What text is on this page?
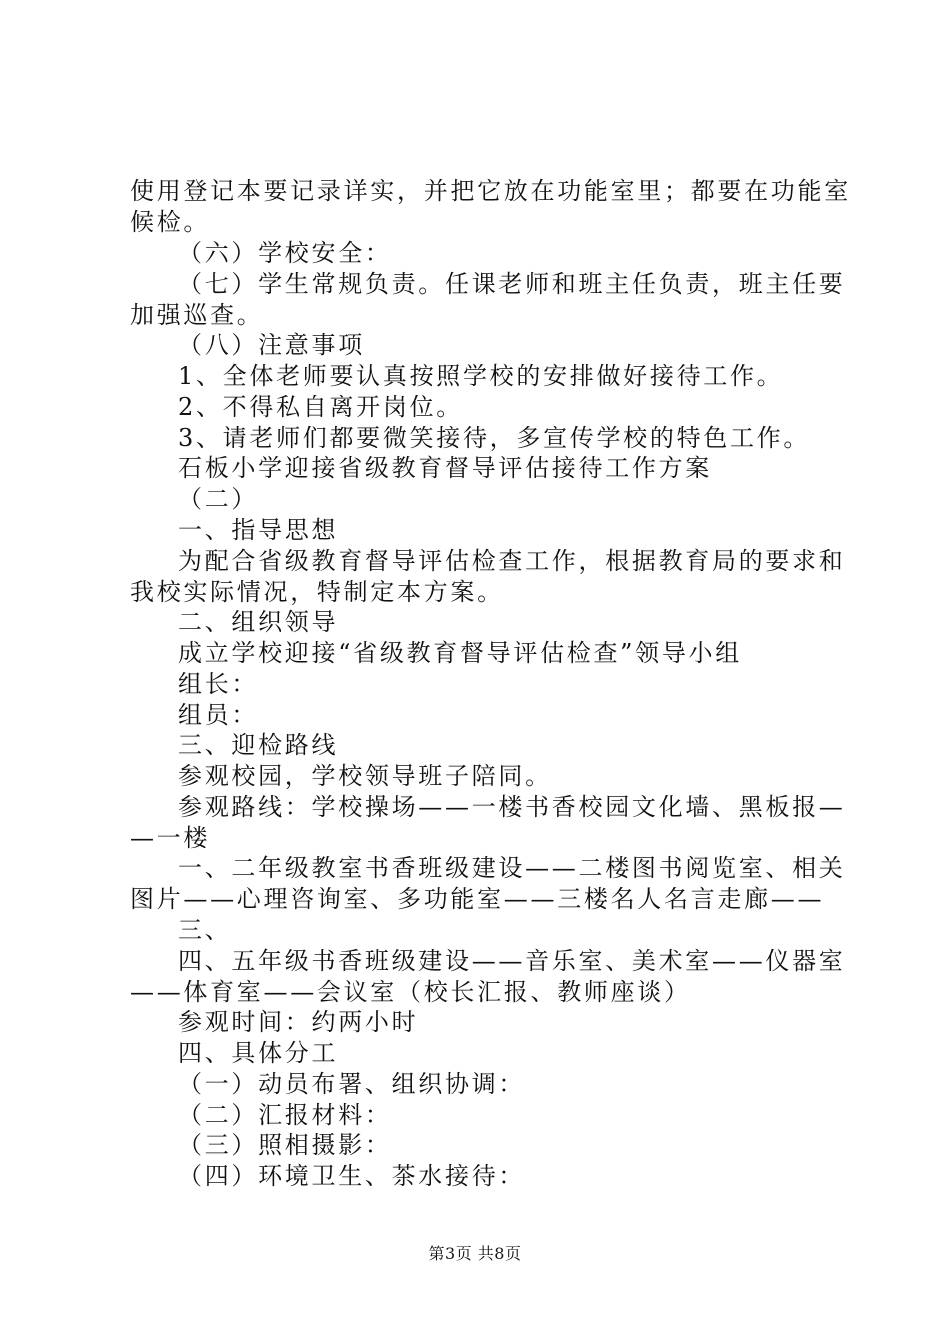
使用登记本要记录详实，并把它放在功能室里；都要在功能室
候检。
（六）学校安全：
（七）学生常规负责。任课老师和班主任负责，班主任要
加强巡查。
（八）注意事项
1、全体老师要认真按照学校的安排做好接待工作。
2、不得私自离开岗位。
3、请老师们都要微笑接待，多宣传学校的特色工作。
石板小学迎接省级教育督导评估接待工作方案
（二）
一、指导思想
为配合省级教育督导评估检查工作，根据教育局的要求和
我校实际情况，特制定本方案。
二、组织领导
成立学校迎接“省级教育督导评估检查”领导小组
组长：
组员：
三、迎检路线
参观校园，学校领导班子陪同。
参观路线：学校操场——一楼书香校园文化墙、黑板报—
—一楼
一、二年级教室书香班级建设——二楼图书阅览室、相关
图片——心理咨询室、多功能室——三楼名人名言走廊——
三、
四、五年级书香班级建设——音乐室、美术室——仪器室
——体育室——会议室（校长汇报、教师座谈）
参观时间：约两小时
四、具体分工
（一）动员布署、组织协调：
（二）汇报材料：
（三）照相摄影：
（四）环境卫生、茶水接待：
第3页 共8页
